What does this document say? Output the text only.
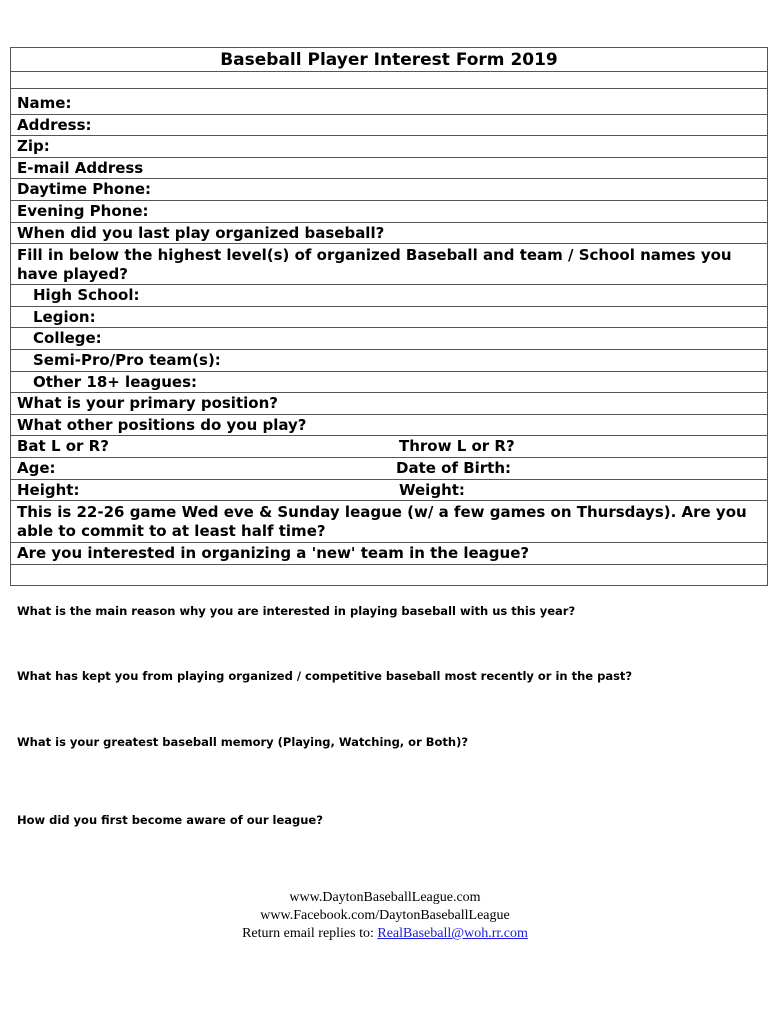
Baseball Player Interest Form 2019
Name:
Address:
Zip:
E-mail Address
Daytime Phone:
Evening Phone:
When did you last play organized baseball?
Fill in below the highest level(s) of organized Baseball and team / School names you have played?
High School:
Legion:
College:
Semi-Pro/Pro team(s):
Other 18+ leagues:
What is your primary position?
What other positions do you play?
Bat L or R?	Throw L or R?
Age:	Date of Birth:
Height:	Weight:
This is 22-26 game Wed eve & Sunday league (w/ a few games on Thursdays). Are you able to commit to at least half time?
Are you interested in organizing a 'new' team in the league?
What is the main reason why you are interested in playing baseball with us this year?
What has kept you from playing organized / competitive baseball most recently or in the past?
What is your greatest baseball memory (Playing, Watching, or Both)?
How did you first become aware of our league?
www.DaytonBaseballLeague.com
www.Facebook.com/DaytonBaseballLeague
Return email replies to: RealBaseball@woh.rr.com
